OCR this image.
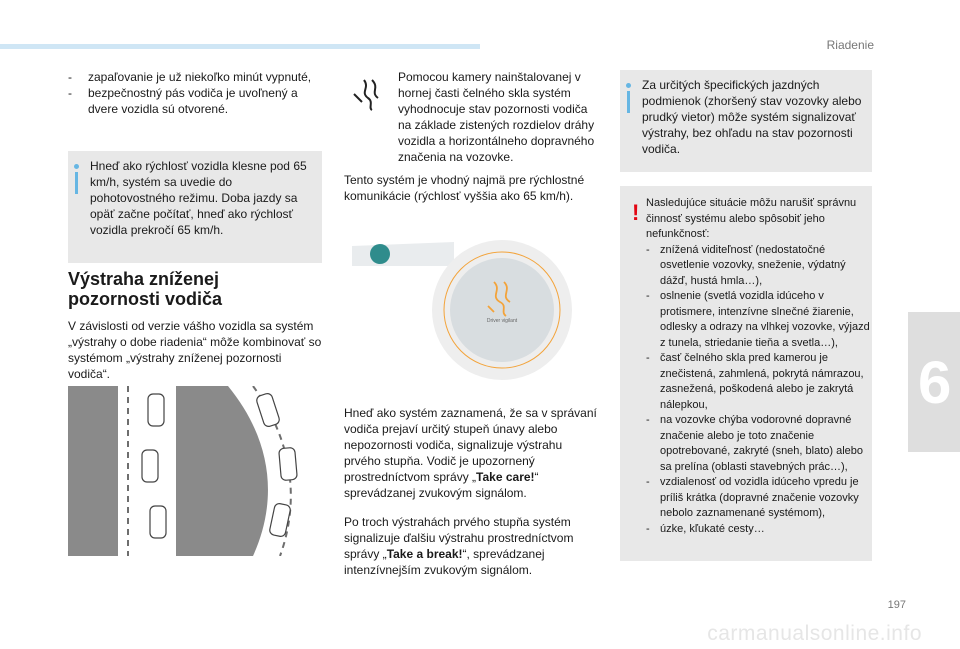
Riadenie
- zapaľovanie je už niekoľko minút vypnuté,
- bezpečnostný pás vodiča je uvoľnený a dvere vozidla sú otvorené.
Hneď ako rýchlosť vozidla klesne pod 65 km/h, systém sa uvedie do pohotovostného režimu. Doba jazdy sa opäť začne počítať, hneď ako rýchlosť vozidla prekročí 65 km/h.
Výstraha zníženej
pozornosti vodiča
V závislosti od verzie vášho vozidla sa systém „výstrahy o dobe riadenia“ môže kombinovať so systémom „výstrahy zníženej pozornosti vodiča“.
Pomocou kamery nainštalovanej v hornej časti čelného skla systém vyhodnocuje stav pozornosti vodiča na základe zistených rozdielov dráhy vozidla a horizontálneho dopravného značenia na vozovke.
Tento systém je vhodný najmä pre rýchlostné komunikácie (rýchlosť vyššia ako 65 km/h).
Driver vigilant
Hneď ako systém zaznamená, že sa v správaní vodiča prejaví určitý stupeň únavy alebo nepozornosti vodiča, signalizuje výstrahu prvého stupňa. Vodič je upozornený prostredníctvom správy „Take care!“ sprevádzanej zvukovým signálom.
Po troch výstrahách prvého stupňa systém signalizuje ďalšiu výstrahu prostredníctvom správy „Take a break!“, sprevádzanej intenzívnejším zvukovým signálom.
Za určitých špecifických jazdných podmienok (zhoršený stav vozovky alebo prudký vietor) môže systém signalizovať výstrahy, bez ohľadu na stav pozornosti vodiča.
! Nasledujúce situácie môžu narušiť správnu činnosť systému alebo spôsobiť jeho nefunkčnosť:
- znížená viditeľnosť (nedostatočné osvetlenie vozovky, sneženie, výdatný dážď, hustá hmla…),
- oslnenie (svetlá vozidla idúceho v protismere, intenzívne slnečné žiarenie, odlesky a odrazy na vlhkej vozovke, výjazd z tunela, striedanie tieňa a svetla…),
- časť čelného skla pred kamerou je znečistená, zahmlená, pokrytá námrazou, zasnežená, poškodená alebo je zakrytá nálepkou,
- na vozovke chýba vodorovné dopravné značenie alebo je toto značenie opotrebované, zakryté (sneh, blato) alebo sa prelína (oblasti stavebných prác…),
- vzdialenosť od vozidla idúceho vpredu je príliš krátka (dopravné značenie vozovky nebolo zaznamenané systémom),
- úzke, kľukaté cesty…
6
197
carmanualsonline.info
